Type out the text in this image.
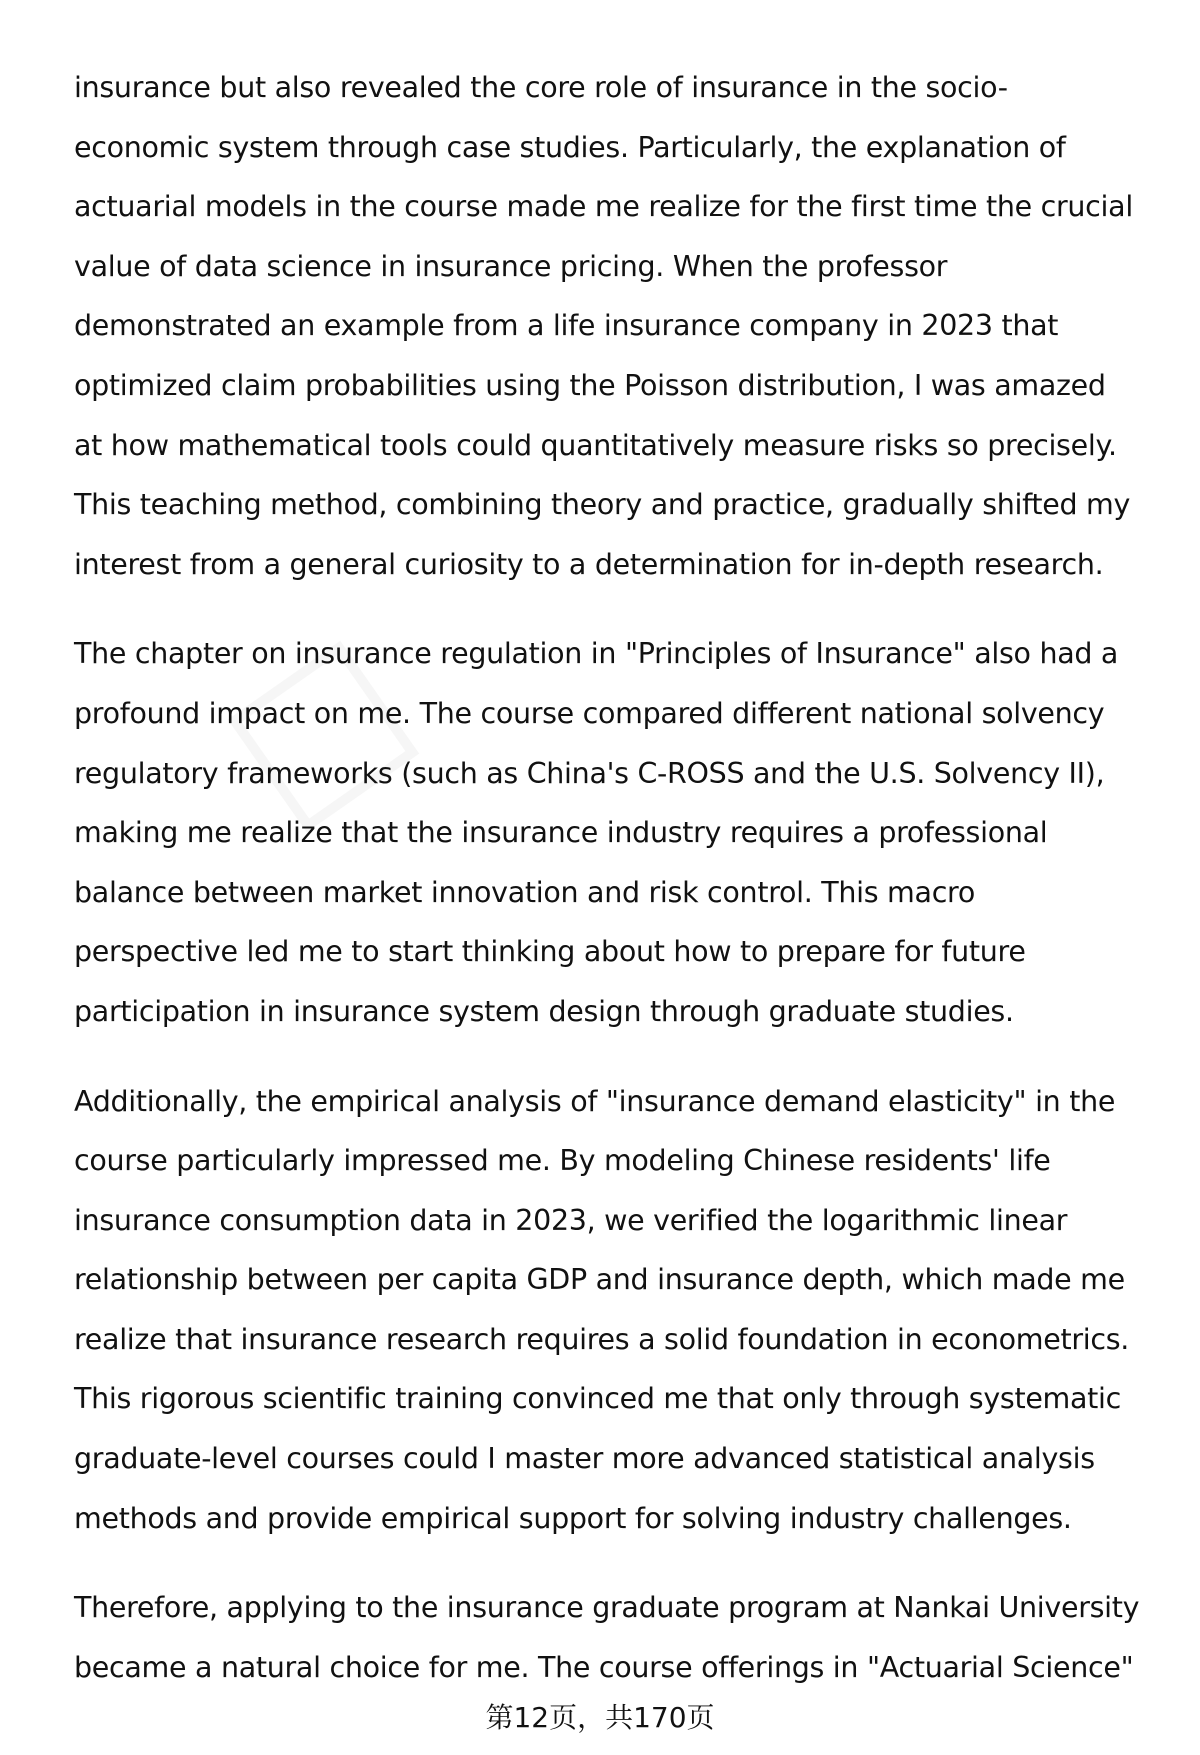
insurance but also revealed the core role of insurance in the socio-
economic system through case studies. Particularly, the explanation of
actuarial models in the course made me realize for the first time the crucial
value of data science in insurance pricing. When the professor
demonstrated an example from a life insurance company in 2023 that
optimized claim probabilities using the Poisson distribution, I was amazed
at how mathematical tools could quantitatively measure risks so precisely.
This teaching method, combining theory and practice, gradually shifted my
interest from a general curiosity to a determination for in-depth research.
The chapter on insurance regulation in "Principles of Insurance" also had a
profound impact on me. The course compared different national solvency
regulatory frameworks (such as China's C-ROSS and the U.S. Solvency II),
making me realize that the insurance industry requires a professional
balance between market innovation and risk control. This macro
perspective led me to start thinking about how to prepare for future
participation in insurance system design through graduate studies.
Additionally, the empirical analysis of "insurance demand elasticity" in the
course particularly impressed me. By modeling Chinese residents' life
insurance consumption data in 2023, we verified the logarithmic linear
relationship between per capita GDP and insurance depth, which made me
realize that insurance research requires a solid foundation in econometrics.
This rigorous scientific training convinced me that only through systematic
graduate-level courses could I master more advanced statistical analysis
methods and provide empirical support for solving industry challenges.
Therefore, applying to the insurance graduate program at Nankai University
became a natural choice for me. The course offerings in "Actuarial Science"
第12页，共170页
